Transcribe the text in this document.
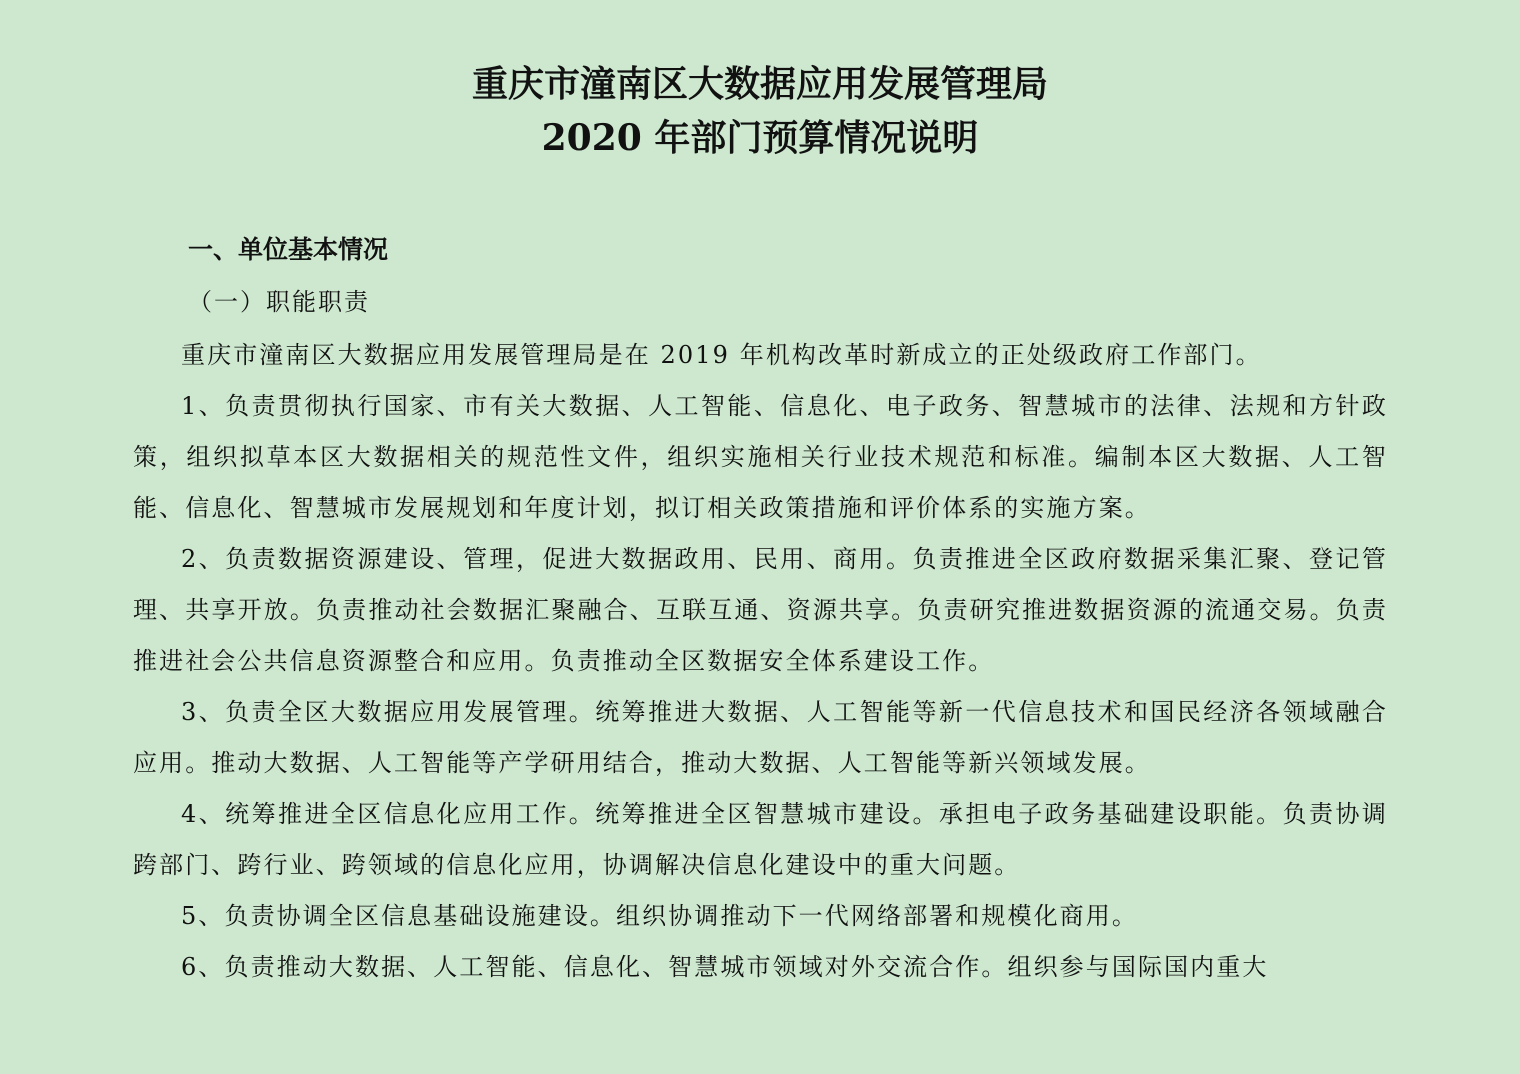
重庆市潼南区大数据应用发展管理局
2020 年部门预算情况说明
一、单位基本情况
（一）职能职责

重庆市潼南区大数据应用发展管理局是在 2019 年机构改革时新成立的正处级政府工作部门。

1、负责贯彻执行国家、市有关大数据、人工智能、信息化、电子政务、智慧城市的法律、法规和方针政策，组织拟草本区大数据相关的规范性文件，组织实施相关行业技术规范和标准。编制本区大数据、人工智能、信息化、智慧城市发展规划和年度计划，拟订相关政策措施和评价体系的实施方案。

2、负责数据资源建设、管理，促进大数据政用、民用、商用。负责推进全区政府数据采集汇聚、登记管理、共享开放。负责推动社会数据汇聚融合、互联互通、资源共享。负责研究推进数据资源的流通交易。负责推进社会公共信息资源整合和应用。负责推动全区数据安全体系建设工作。

3、负责全区大数据应用发展管理。统筹推进大数据、人工智能等新一代信息技术和国民经济各领域融合应用。推动大数据、人工智能等产学研用结合，推动大数据、人工智能等新兴领域发展。

4、统筹推进全区信息化应用工作。统筹推进全区智慧城市建设。承担电子政务基础建设职能。负责协调跨部门、跨行业、跨领域的信息化应用，协调解决信息化建设中的重大问题。

5、负责协调全区信息基础设施建设。组织协调推动下一代网络部署和规模化商用。

6、负责推动大数据、人工智能、信息化、智慧城市领域对外交流合作。组织参与国际国内重大
